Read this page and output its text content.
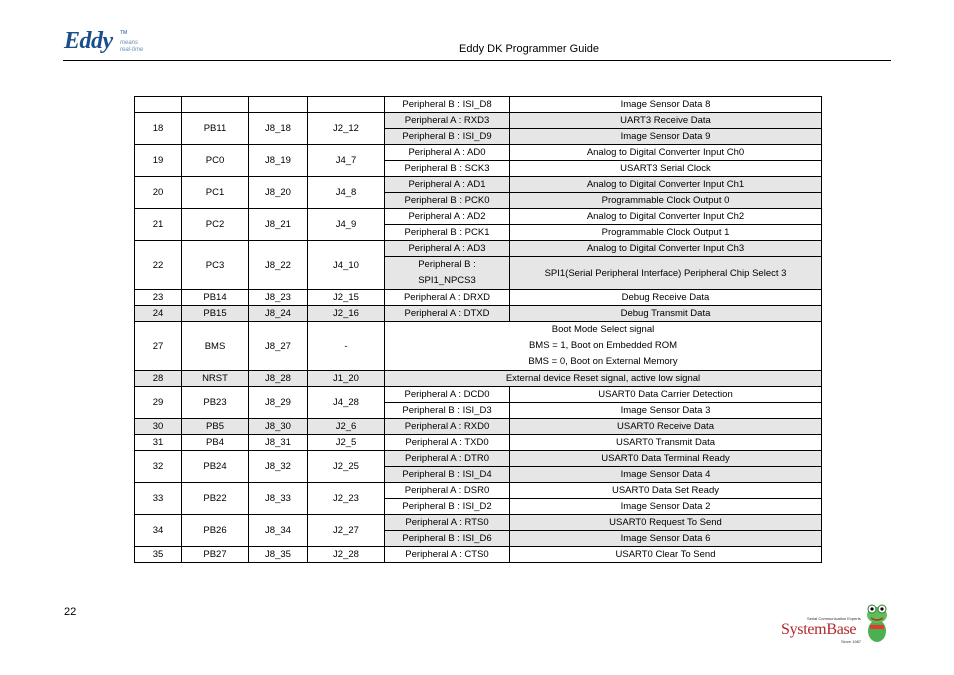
Eddy TM
means
real-time	Eddy DK Programmer Guide
				Peripheral B : ISI_D8	Image Sensor Data 8
18	PB11	J8_18	J2_12	Peripheral A : RXD3	UART3 Receive Data
				Peripheral B : ISI_D9	Image Sensor Data 9
19	PC0	J8_19	J4_7	Peripheral A : AD0	Analog to Digital Converter Input Ch0
				Peripheral B : SCK3	USART3 Serial Clock
20	PC1	J8_20	J4_8	Peripheral A : AD1	Analog to Digital Converter Input Ch1
				Peripheral B : PCK0	Programmable Clock Output 0
21	PC2	J8_21	J4_9	Peripheral A : AD2	Analog to Digital Converter Input Ch2
				Peripheral B : PCK1	Programmable Clock Output 1
22	PC3	J8_22	J4_10	Peripheral A : AD3	Analog to Digital Converter Input Ch3

				Peripheral B :
SPI1_NPCS3	SPI1(Serial Peripheral Interface) Peripheral Chip Select 3
23	PB14	J8_23	J2_15	Peripheral A : DRXD	Debug Receive Data
24	PB15	J8_24	J2_16	Peripheral A : DTXD	Debug Transmit Data
27	BMS	J8_27	-	Boot Mode Select signal
BMS = 1, Boot on Embedded ROM
BMS = 0, Boot on External Memory	

28	NRST	J8_28	J1_20	External device Reset signal, active low signal	
29	PB23	J8_29	J4_28	Peripheral A : DCD0	USART0 Data Carrier Detection
				Peripheral B : ISI_D3	Image Sensor Data 3
30	PB5	J8_30	J2_6	Peripheral A : RXD0	USART0 Receive Data
31	PB4	J8_31	J2_5	Peripheral A : TXD0	USART0 Transmit Data
32	PB24	J8_32	J2_25	Peripheral A : DTR0	USART0 Data Terminal Ready
				Peripheral B : ISI_D4	Image Sensor Data 4
33	PB22	J8_33	J2_23	Peripheral A : DSR0	USART0 Data Set Ready
				Peripheral B : ISI_D2	Image Sensor Data 2
34	PB26	J8_34	J2_27	Peripheral A : RTS0	USART0 Request To Send
				Peripheral B : ISI_D6	Image Sensor Data 6
35	PB27	J8_35	J2_28	Peripheral A : CTS0	USART0 Clear To Send
22
Serial Communication Experts
SystemBase
Since 1987
